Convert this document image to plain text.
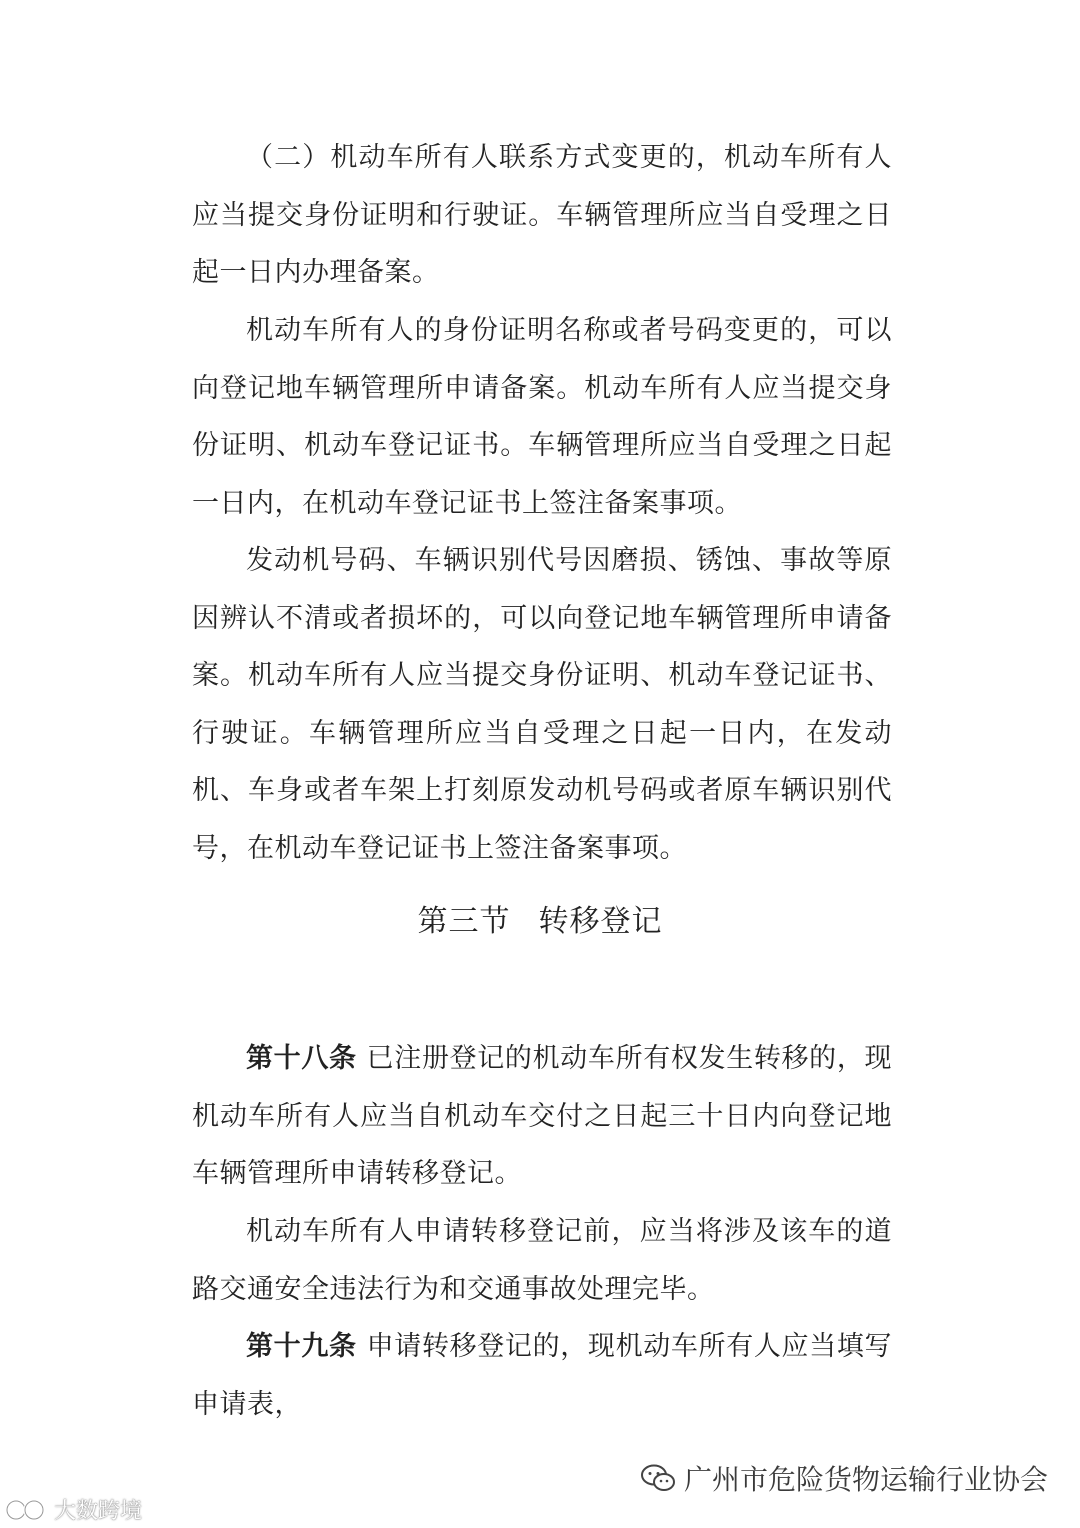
（二）机动车所有人联系方式变更的，机动车所有人应当提交身份证明和行驶证。车辆管理所应当自受理之日起一日内办理备案。

机动车所有人的身份证明名称或者号码变更的，可以向登记地车辆管理所申请备案。机动车所有人应当提交身份证明、机动车登记证书。车辆管理所应当自受理之日起一日内，在机动车登记证书上签注备案事项。

发动机号码、车辆识别代号因磨损、锈蚀、事故等原因辨认不清或者损坏的，可以向登记地车辆管理所申请备案。机动车所有人应当提交身份证明、机动车登记证书、行驶证。车辆管理所应当自受理之日起一日内，在发动机、车身或者车架上打刻原发动机号码或者原车辆识别代号，在机动车登记证书上签注备案事项。

第三节 转移登记

第十八条 已注册登记的机动车所有权发生转移的，现机动车所有人应当自机动车交付之日起三十日内向登记地车辆管理所申请转移登记。

机动车所有人申请转移登记前，应当将涉及该车的道路交通安全违法行为和交通事故处理完毕。

第十九条 申请转移登记的，现机动车所有人应当填写申请表，

广州市危险货物运输行业协会
大数跨境
